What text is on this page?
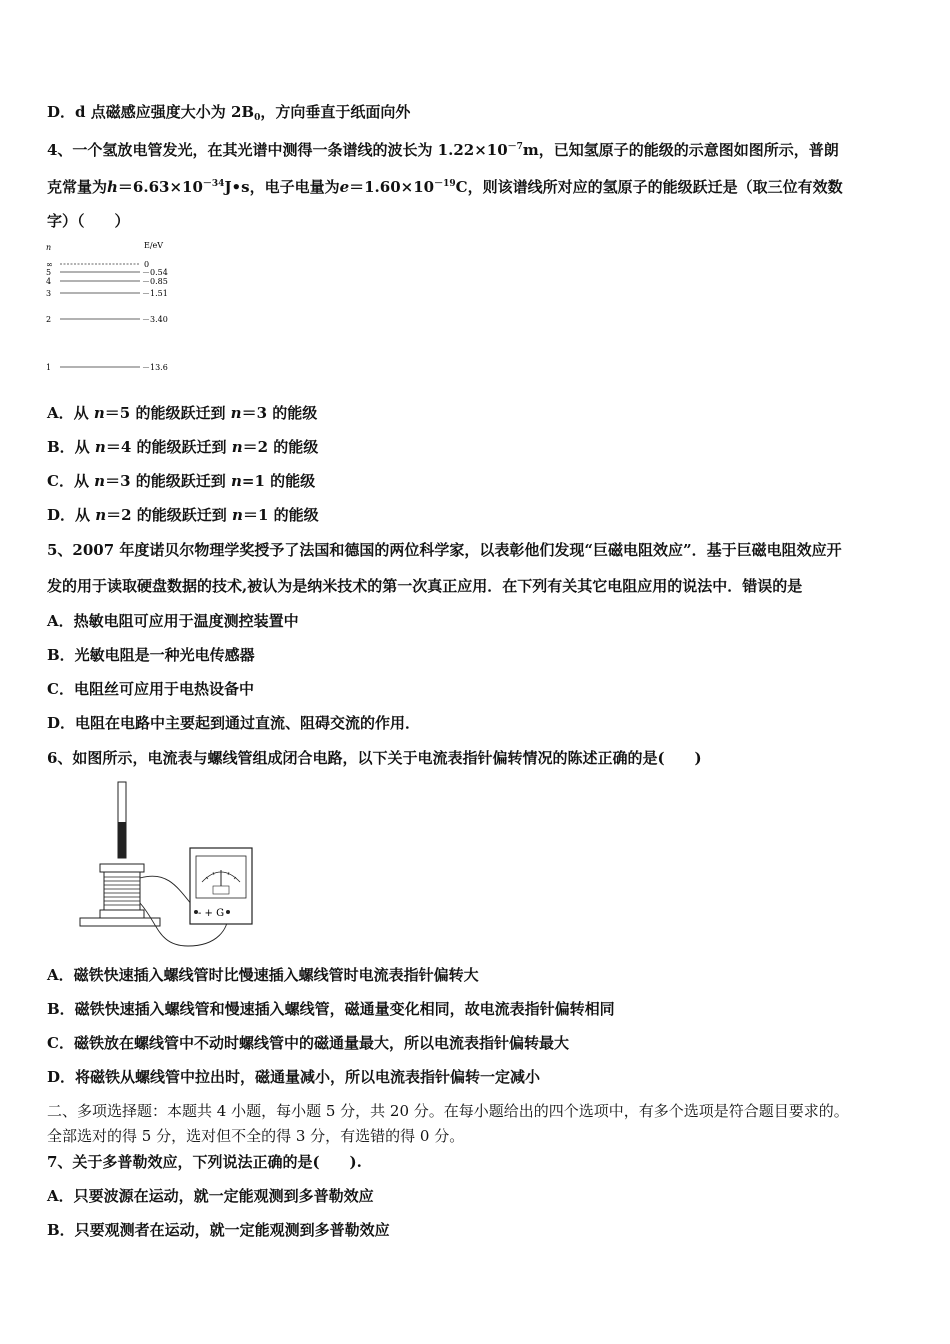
D．d 点磁感应强度大小为 $2B_0$，方向垂直于纸面向外
4、一个氢放电管发光，在其光谱中测得一条谱线的波长为 $1.22\times 10^{-7}m$，已知氢原子的能级的示意图如图所示，普朗
克常量为$h=6.63\times 10^{-34}J•s$，电子电量为$e=1.60\times 10^{-19}C$，则该谱线所对应的氢原子的能级跃迁是（取三位有效数
字）（　　）
n	E/eV
∞	0
5	－0.54
4	－0.85
3	－1.51
2	－3.40
1	－13.6
A．从 n＝5 的能级跃迁到 n＝3 的能级
B．从 n＝4 的能级跃迁到 n＝2 的能级
C．从 n＝3 的能级跃迁到 n=1 的能级
D．从 n＝2 的能级跃迁到 n＝1 的能级
5、2007 年度诺贝尔物理学奖授予了法国和德国的两位科学家，以表彰他们发现“巨磁电阻效应”．基于巨磁电阻效应开
发的用于读取硬盘数据的技术,被认为是纳米技术的第一次真正应用．在下列有关其它电阻应用的说法中．错误的是
A．热敏电阻可应用于温度测控装置中
B．光敏电阻是一种光电传感器
C．电阻丝可应用于电热设备中
D．电阻在电路中主要起到通过直流、阻碍交流的作用．
6、如图所示，电流表与螺线管组成闭合电路，以下关于电流表指针偏转情况的陈述正确的是(　　)
- + G
A．磁铁快速插入螺线管时比慢速插入螺线管时电流表指针偏转大
B．磁铁快速插入螺线管和慢速插入螺线管，磁通量变化相同，故电流表指针偏转相同
C．磁铁放在螺线管中不动时螺线管中的磁通量最大，所以电流表指针偏转最大
D．将磁铁从螺线管中拉出时，磁通量减小，所以电流表指针偏转一定减小
二、多项选择题：本题共 4 小题，每小题 5 分，共 20 分。在每小题给出的四个选项中，有多个选项是符合题目要求的。
全部选对的得 5 分，选对但不全的得 3 分，有选错的得 0 分。
7、关于多普勒效应，下列说法正确的是(　　).
A．只要波源在运动，就一定能观测到多普勒效应
B．只要观测者在运动，就一定能观测到多普勒效应
